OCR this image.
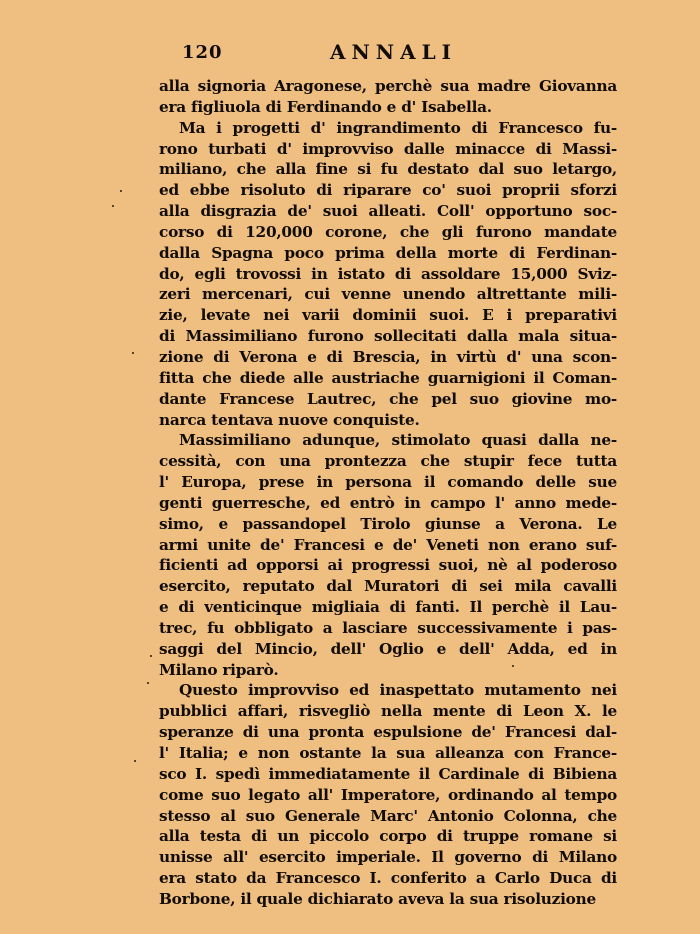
120	ANNALI
alla signoria Aragonese, perchè sua madre Giovanna
era figliuola di Ferdinando e d' Isabella.
Ma i progetti d' ingrandimento di Francesco fu-
rono turbati d' improvviso dalle minacce di Massi-
miliano, che alla fine si fu destato dal suo letargo,
ed ebbe risoluto di riparare co' suoi proprii sforzi
alla disgrazia de' suoi alleati. Coll' opportuno soc-
corso di 120,000 corone, che gli furono mandate
dalla Spagna poco prima della morte di Ferdinan-
do, egli trovossi in istato di assoldare 15,000 Sviz-
zeri mercenari, cui venne unendo altrettante mili-
zie, levate nei varii dominii suoi. E i preparativi
di Massimiliano furono sollecitati dalla mala situa-
zione di Verona e di Brescia, in virtù d' una scon-
fitta che diede alle austriache guarnigioni il Coman-
dante Francese Lautrec, che pel suo giovine mo-
narca tentava nuove conquiste.
Massimiliano adunque, stimolato quasi dalla ne-
cessità, con una prontezza che stupir fece tutta
l' Europa, prese in persona il comando delle sue
genti guerresche, ed entrò in campo l' anno mede-
simo, e passandopel Tirolo giunse a Verona. Le
armi unite de' Francesi e de' Veneti non erano suf-
ficienti ad opporsi ai progressi suoi, nè al poderoso
esercito, reputato dal Muratori di sei mila cavalli
e di venticinque migliaia di fanti. Il perchè il Lau-
trec, fu obbligato a lasciare successivamente i pas-
saggi del Mincio, dell' Oglio e dell' Adda, ed in
Milano riparò.
Questo improvviso ed inaspettato mutamento nei
pubblici affari, risvegliò nella mente di Leon X. le
speranze di una pronta espulsione de' Francesi dal-
l' Italia; e non ostante la sua alleanza con France-
sco I. spedì immediatamente il Cardinale di Bibiena
come suo legato all' Imperatore, ordinando al tempo
stesso al suo Generale Marc' Antonio Colonna, che
alla testa di un piccolo corpo di truppe romane si
unisse all' esercito imperiale. Il governo di Milano
era stato da Francesco I. conferito a Carlo Duca di
Borbone, il quale dichiarato aveva la sua risoluzione
